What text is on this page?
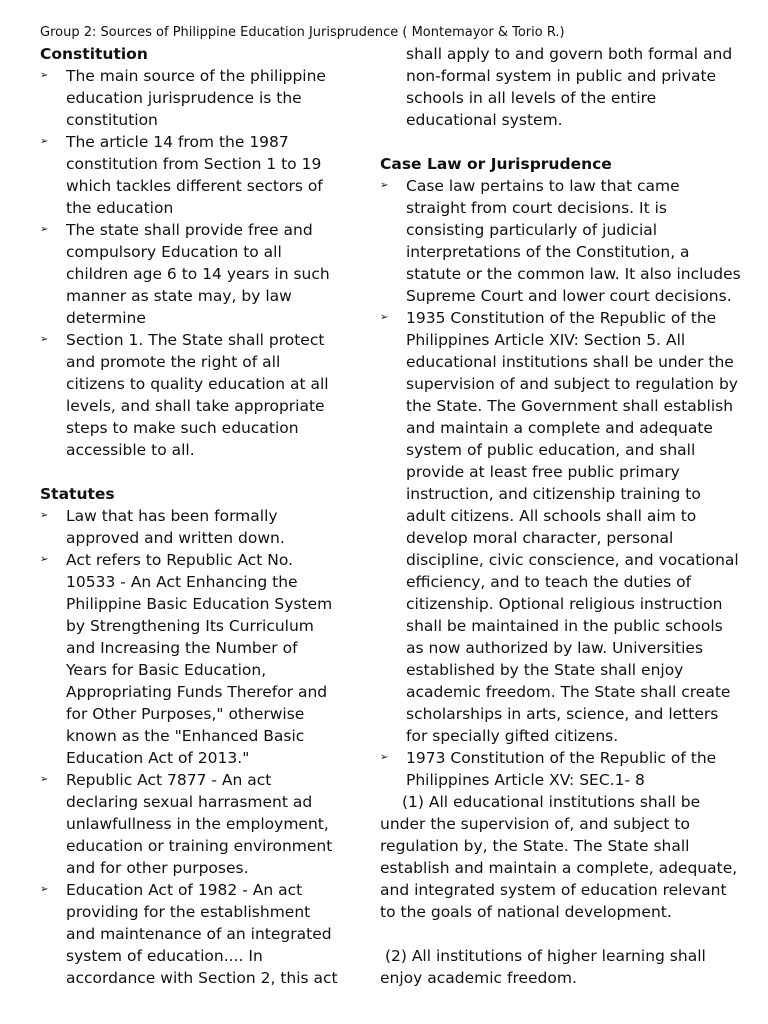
Group 2: Sources of Philippine Education Jurisprudence ( Montemayor & Torio R.)
Constitution
➢ The main source of the philippine education jurisprudence is the constitution
➢ The article 14 from the 1987 constitution from Section 1 to 19 which tackles different sectors of the education
➢ The state shall provide free and compulsory Education to all children age 6 to 14 years in such manner as state may, by law determine
➢ Section 1. The State shall protect and promote the right of all citizens to quality education at all levels, and shall take appropriate steps to make such education accessible to all.
Statutes
➢ Law that has been formally approved and written down.
➢ Act refers to Republic Act No. 10533 - An Act Enhancing the Philippine Basic Education System by Strengthening Its Curriculum and Increasing the Number of Years for Basic Education, Appropriating Funds Therefor and for Other Purposes," otherwise known as the "Enhanced Basic Education Act of 2013."
➢ Republic Act 7877 - An act declaring sexual harrasment ad unlawfullness in the employment, education or training environment and for other purposes.
➢ Education Act of 1982 - An act providing for the establishment and maintenance of an integrated system of education.... In accordance with Section 2, this act
shall apply to and govern both formal and non-formal system in public and private schools in all levels of the entire educational system.
Case Law or Jurisprudence
➢ Case law pertains to law that came straight from court decisions. It is consisting particularly of judicial interpretations of the Constitution, a statute or the common law. It also includes Supreme Court and lower court decisions.
➢ 1935 Constitution of the Republic of the Philippines Article XIV: Section 5. All educational institutions shall be under the supervision of and subject to regulation by the State. The Government shall establish and maintain a complete and adequate system of public education, and shall provide at least free public primary instruction, and citizenship training to adult citizens. All schools shall aim to develop moral character, personal discipline, civic conscience, and vocational efficiency, and to teach the duties of citizenship. Optional religious instruction shall be maintained in the public schools as now authorized by law. Universities established by the State shall enjoy academic freedom. The State shall create scholarships in arts, science, and letters for specially gifted citizens.
➢ 1973 Constitution of the Republic of the Philippines Article XV: SEC.1- 8

(1) All educational institutions shall be under the supervision of, and subject to regulation by, the State. The State shall establish and maintain a complete, adequate, and integrated system of education relevant to the goals of national development.

(2) All institutions of higher learning shall enjoy academic freedom.
